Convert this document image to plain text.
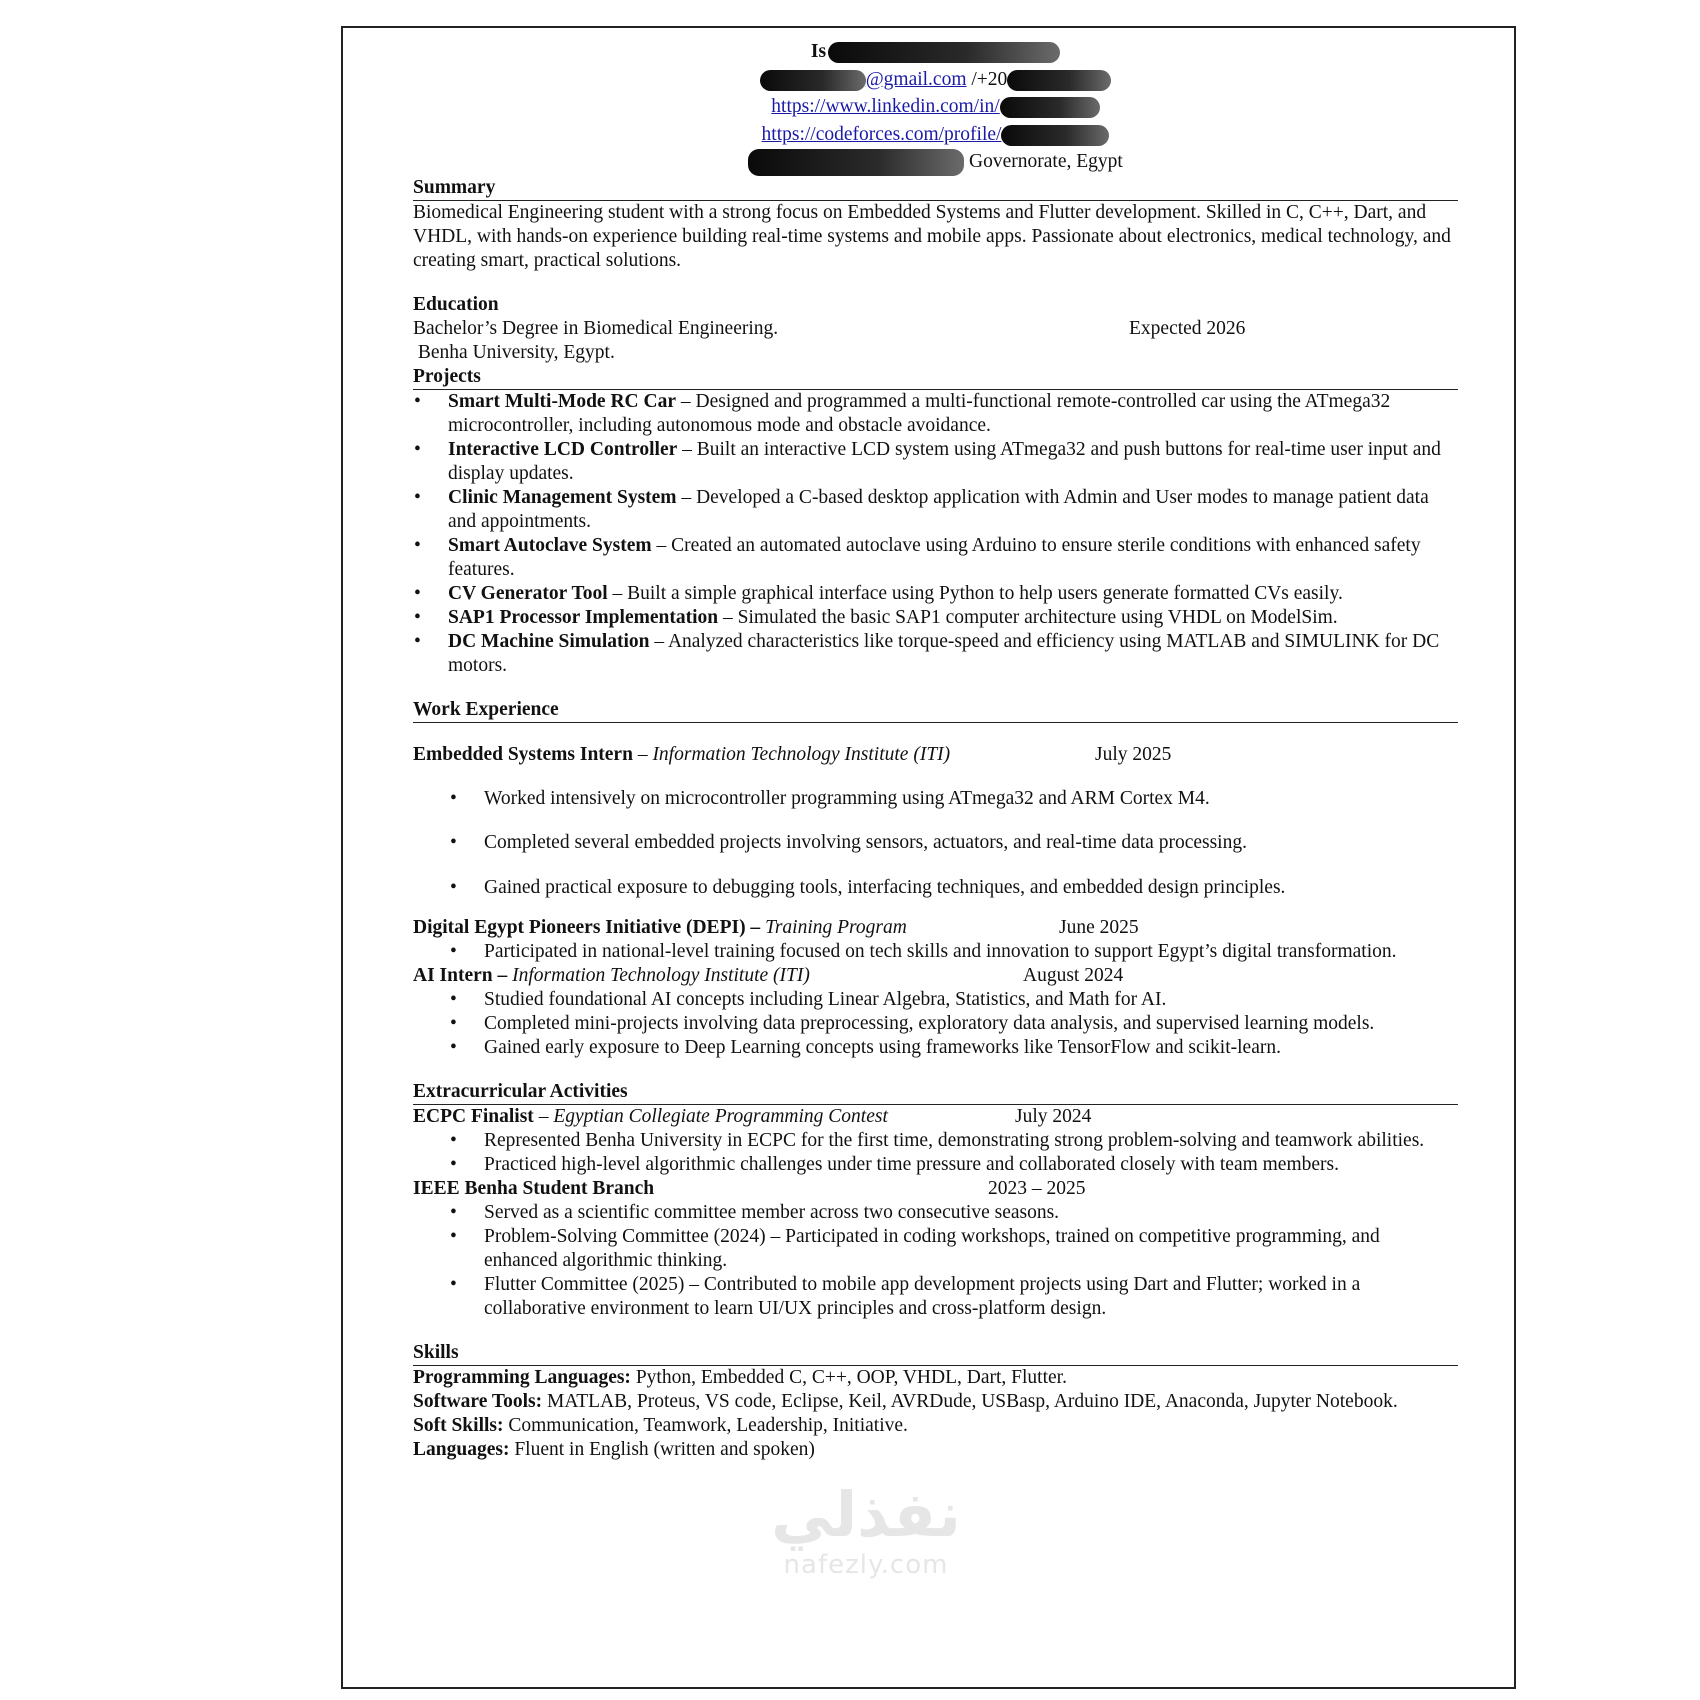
Is
@gmail.com /+20
https://www.linkedin.com/in/
https://codeforces.com/profile/
Governorate, Egypt
Summary

Biomedical Engineering student with a strong focus on Embedded Systems and Flutter development. Skilled in C, C++, Dart, and VHDL, with hands-on experience building real-time systems and mobile apps. Passionate about electronics, medical technology, and creating smart, practical solutions.

Education
Bachelor’s Degree in Biomedical Engineering.	Expected 2026
Benha University, Egypt.
Projects
• Smart Multi-Mode RC Car – Designed and programmed a multi-functional remote-controlled car using the ATmega32 microcontroller, including autonomous mode and obstacle avoidance.
• Interactive LCD Controller – Built an interactive LCD system using ATmega32 and push buttons for real-time user input and display updates.
• Clinic Management System – Developed a C-based desktop application with Admin and User modes to manage patient data and appointments.
• Smart Autoclave System – Created an automated autoclave using Arduino to ensure sterile conditions with enhanced safety features.
• CV Generator Tool – Built a simple graphical interface using Python to help users generate formatted CVs easily.
• SAP1 Processor Implementation – Simulated the basic SAP1 computer architecture using VHDL on ModelSim.
• DC Machine Simulation – Analyzed characteristics like torque-speed and efficiency using MATLAB and SIMULINK for DC motors.
Work Experience
Embedded Systems Intern – Information Technology Institute (ITI)	July 2025
• Worked intensively on microcontroller programming using ATmega32 and ARM Cortex M4.
• Completed several embedded projects involving sensors, actuators, and real-time data processing.
• Gained practical exposure to debugging tools, interfacing techniques, and embedded design principles.
Digital Egypt Pioneers Initiative (DEPI) – Training Program	June 2025
• Participated in national-level training focused on tech skills and innovation to support Egypt’s digital transformation.
AI Intern – Information Technology Institute (ITI)	August 2024
• Studied foundational AI concepts including Linear Algebra, Statistics, and Math for AI.
• Completed mini-projects involving data preprocessing, exploratory data analysis, and supervised learning models.
• Gained early exposure to Deep Learning concepts using frameworks like TensorFlow and scikit-learn.
Extracurricular Activities
ECPC Finalist – Egyptian Collegiate Programming Contest	July 2024
• Represented Benha University in ECPC for the first time, demonstrating strong problem-solving and teamwork abilities.
• Practiced high-level algorithmic challenges under time pressure and collaborated closely with team members.
IEEE Benha Student Branch	2023 – 2025
• Served as a scientific committee member across two consecutive seasons.
• Problem-Solving Committee (2024) – Participated in coding workshops, trained on competitive programming, and enhanced algorithmic thinking.
• Flutter Committee (2025) – Contributed to mobile app development projects using Dart and Flutter; worked in a collaborative environment to learn UI/UX principles and cross-platform design.
Skills
Programming Languages: Python, Embedded C, C++, OOP, VHDL, Dart, Flutter.
Software Tools: MATLAB, Proteus, VS code, Eclipse, Keil, AVRDude, USBasp, Arduino IDE, Anaconda, Jupyter Notebook.
Soft Skills: Communication, Teamwork, Leadership, Initiative.
Languages: Fluent in English (written and spoken)
نفذلي
nafezly.com
